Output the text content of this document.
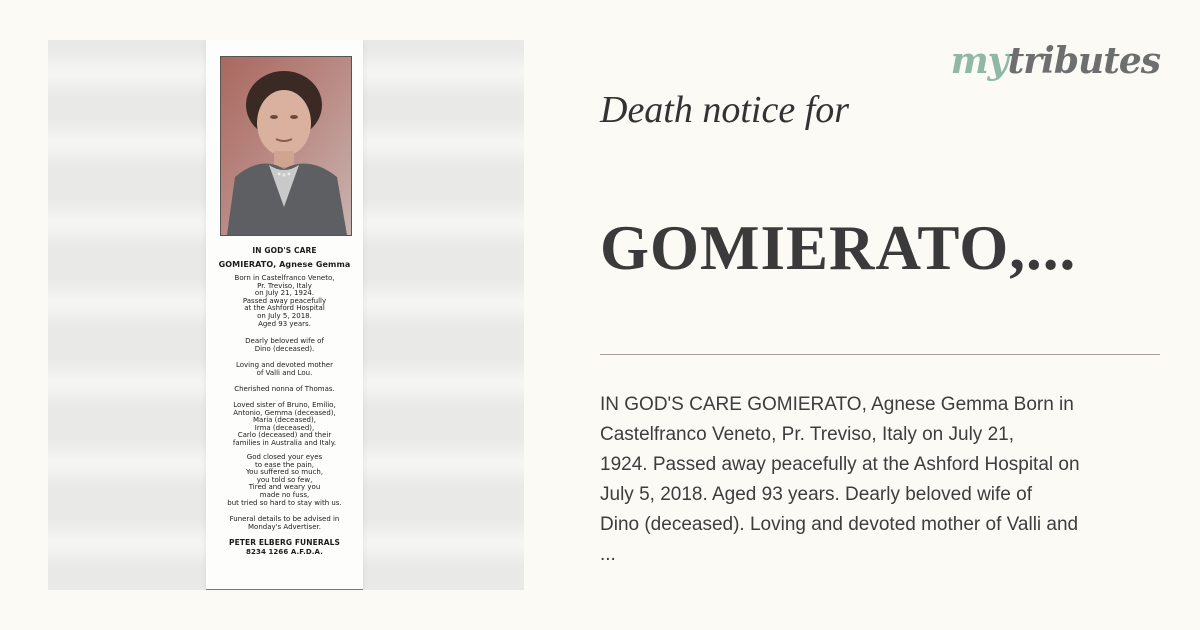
IN GOD'S CARE
GOMIERATO, Agnese Gemma
Born in Castelfranco Veneto,
Pr. Treviso, Italy
on July 21, 1924.
Passed away peacefully
at the Ashford Hospital
on July 5, 2018.
Aged 93 years.
Dearly beloved wife of
Dino (deceased).
Loving and devoted mother
of Valli and Lou.
Cherished nonna of Thomas.
Loved sister of Bruno, Emilio,
Antonio, Gemma (deceased),
Maria (deceased),
Irma (deceased),
Carlo (deceased) and their
families in Australia and Italy.
God closed your eyes
to ease the pain,
You suffered so much,
you told so few,
Tired and weary you
made no fuss,
but tried so hard to stay with us.
Funeral details to be advised in
Monday's Advertiser.
PETER ELBERG FUNERALS
8234 1266 A.F.D.A.
mytributes
Death notice for
GOMIERATO,...

IN GOD'S CARE GOMIERATO, Agnese Gemma Born in

Castelfranco Veneto, Pr. Treviso, Italy on July 21,

1924. Passed away peacefully at the Ashford Hospital on

July 5, 2018. Aged 93 years. Dearly beloved wife of

Dino (deceased). Loving and devoted mother of Valli and

...
